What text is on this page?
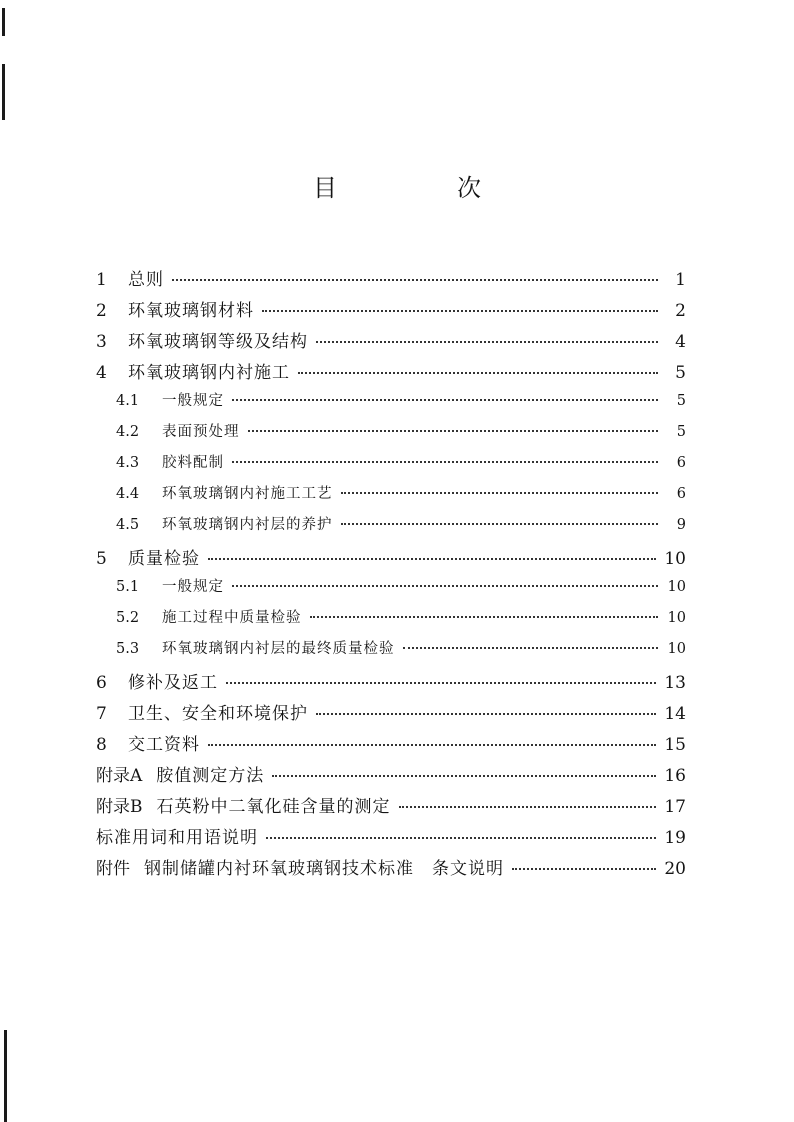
目　次
1	总则	1
2	环氧玻璃钢材料	2
3	环氧玻璃钢等级及结构	4
4	环氧玻璃钢内衬施工	5
4.1	一般规定	5
4.2	表面预处理	5
4.3	胶料配制	6
4.4	环氧玻璃钢内衬施工工艺	6
4.5	环氧玻璃钢内衬层的养护	9
5	质量检验	10
5.1	一般规定	10
5.2	施工过程中质量检验	10
5.3	环氧玻璃钢内衬层的最终质量检验	10
6	修补及返工	13
7	卫生、安全和环境保护	14
8	交工资料	15
附录A 胺值测定方法	16
附录B 石英粉中二氧化硅含量的测定	17
标准用词和用语说明	19
附件 钢制储罐内衬环氧玻璃钢技术标准　条文说明	20
